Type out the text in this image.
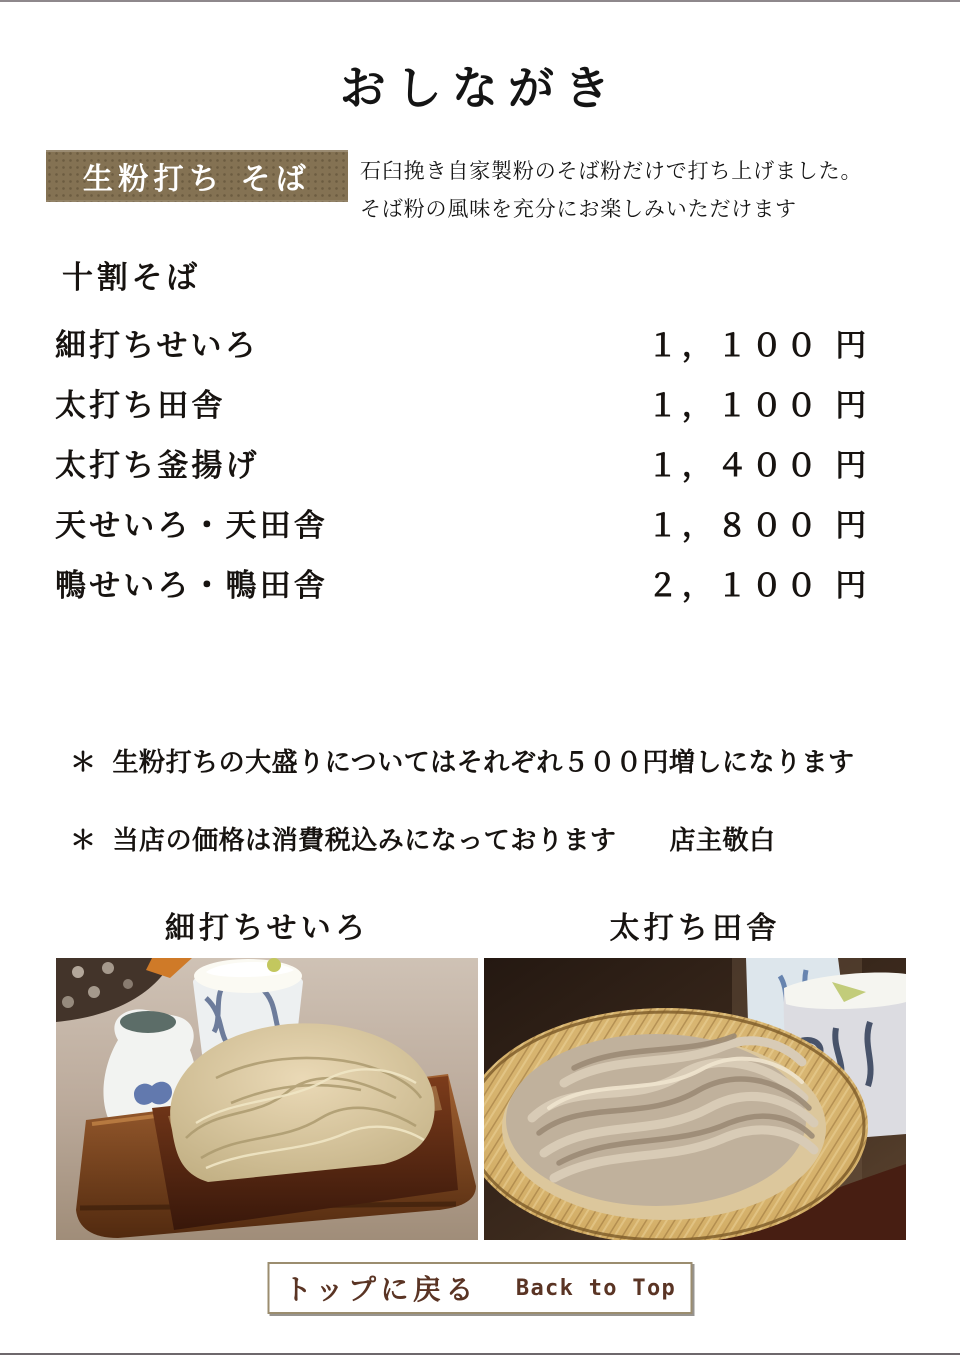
おしながき
生粉打ち そば 石臼挽き自家製粉のそば粉だけで打ち上げました。
そば粉の風味を充分にお楽しみいただけます
十割そば
細打ちせいろ	１，１００ 円
太打ち田舎	１，１００ 円
太打ち釜揚げ	１，４００ 円
天せいろ・天田舎	１，８００ 円
鴨せいろ・鴨田舎	２，１００ 円
＊ 生粉打ちの大盛りについてはそれぞれ５００円増しになります
＊ 当店の価格は消費税込みになっております　　店主敬白
細打ちせいろ	太打ち田舎
トップに戻る Back to Top
